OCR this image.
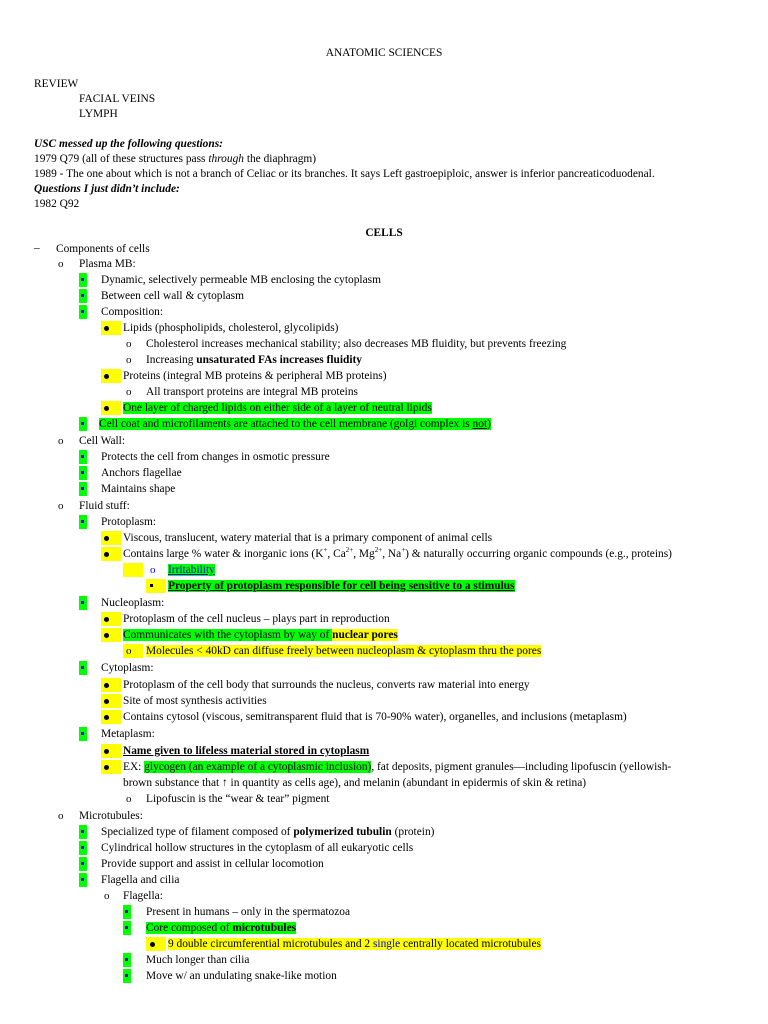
ANATOMIC SCIENCES
REVIEW
FACIAL VEINS
LYMPH
USC messed up the following questions:
1979 Q79 (all of these structures pass through the diaphragm)
1989 - The one about which is not a branch of Celiac or its branches. It says Left gastroepiploic, answer is inferior pancreaticoduodenal.
Questions I just didn’t include:
1982 Q92
CELLS
– Components of cells
o Plasma MB:
Dynamic, selectively permeable MB enclosing the cytoplasm
Between cell wall & cytoplasm
Composition:
Lipids (phospholipids, cholesterol, glycolipids)
o Cholesterol increases mechanical stability; also decreases MB fluidity, but prevents freezing
o Increasing unsaturated FAs increases fluidity
Proteins (integral MB proteins & peripheral MB proteins)
o All transport proteins are integral MB proteins
One layer of charged lipids on either side of a layer of neutral lipids
Cell coat and microfilaments are attached to the cell membrane (golgi complex is not)
o Cell Wall:
Protects the cell from changes in osmotic pressure
Anchors flagellae
Maintains shape
o Fluid stuff:
Protoplasm:
Viscous, translucent, watery material that is a primary component of animal cells
Contains large % water & inorganic ions (K+, $Ca^{2+}$, $Mg^{2+}$, Na+) & naturally occurring organic compounds (e.g., proteins)
o Irritability
Property of protoplasm responsible for cell being sensitive to a stimulus
Nucleoplasm:
Protoplasm of the cell nucleus – plays part in reproduction
Communicates with the cytoplasm by way of nuclear pores
o Molecules < 40kD can diffuse freely between nucleoplasm & cytoplasm thru the pores
Cytoplasm:
Protoplasm of the cell body that surrounds the nucleus, converts raw material into energy
Site of most synthesis activities
Contains cytosol (viscous, semitransparent fluid that is 70-90% water), organelles, and inclusions (metaplasm)
Metaplasm:
Name given to lifeless material stored in cytoplasm
EX: glycogen (an example of a cytoplasmic inclusion), fat deposits, pigment granules—including lipofuscin (yellowish-
brown substance that ↑ in quantity as cells age), and melanin (abundant in epidermis of skin & retina)
o Lipofuscin is the “wear & tear” pigment
o Microtubules:
Specialized type of filament composed of polymerized tubulin (protein)
Cylindrical hollow structures in the cytoplasm of all eukaryotic cells
Provide support and assist in cellular locomotion
Flagella and cilia
o Flagella:
Present in humans – only in the spermatozoa
Core composed of microtubules
9 double circumferential microtubules and 2 single centrally located microtubules
Much longer than cilia
Move w/ an undulating snake-like motion
